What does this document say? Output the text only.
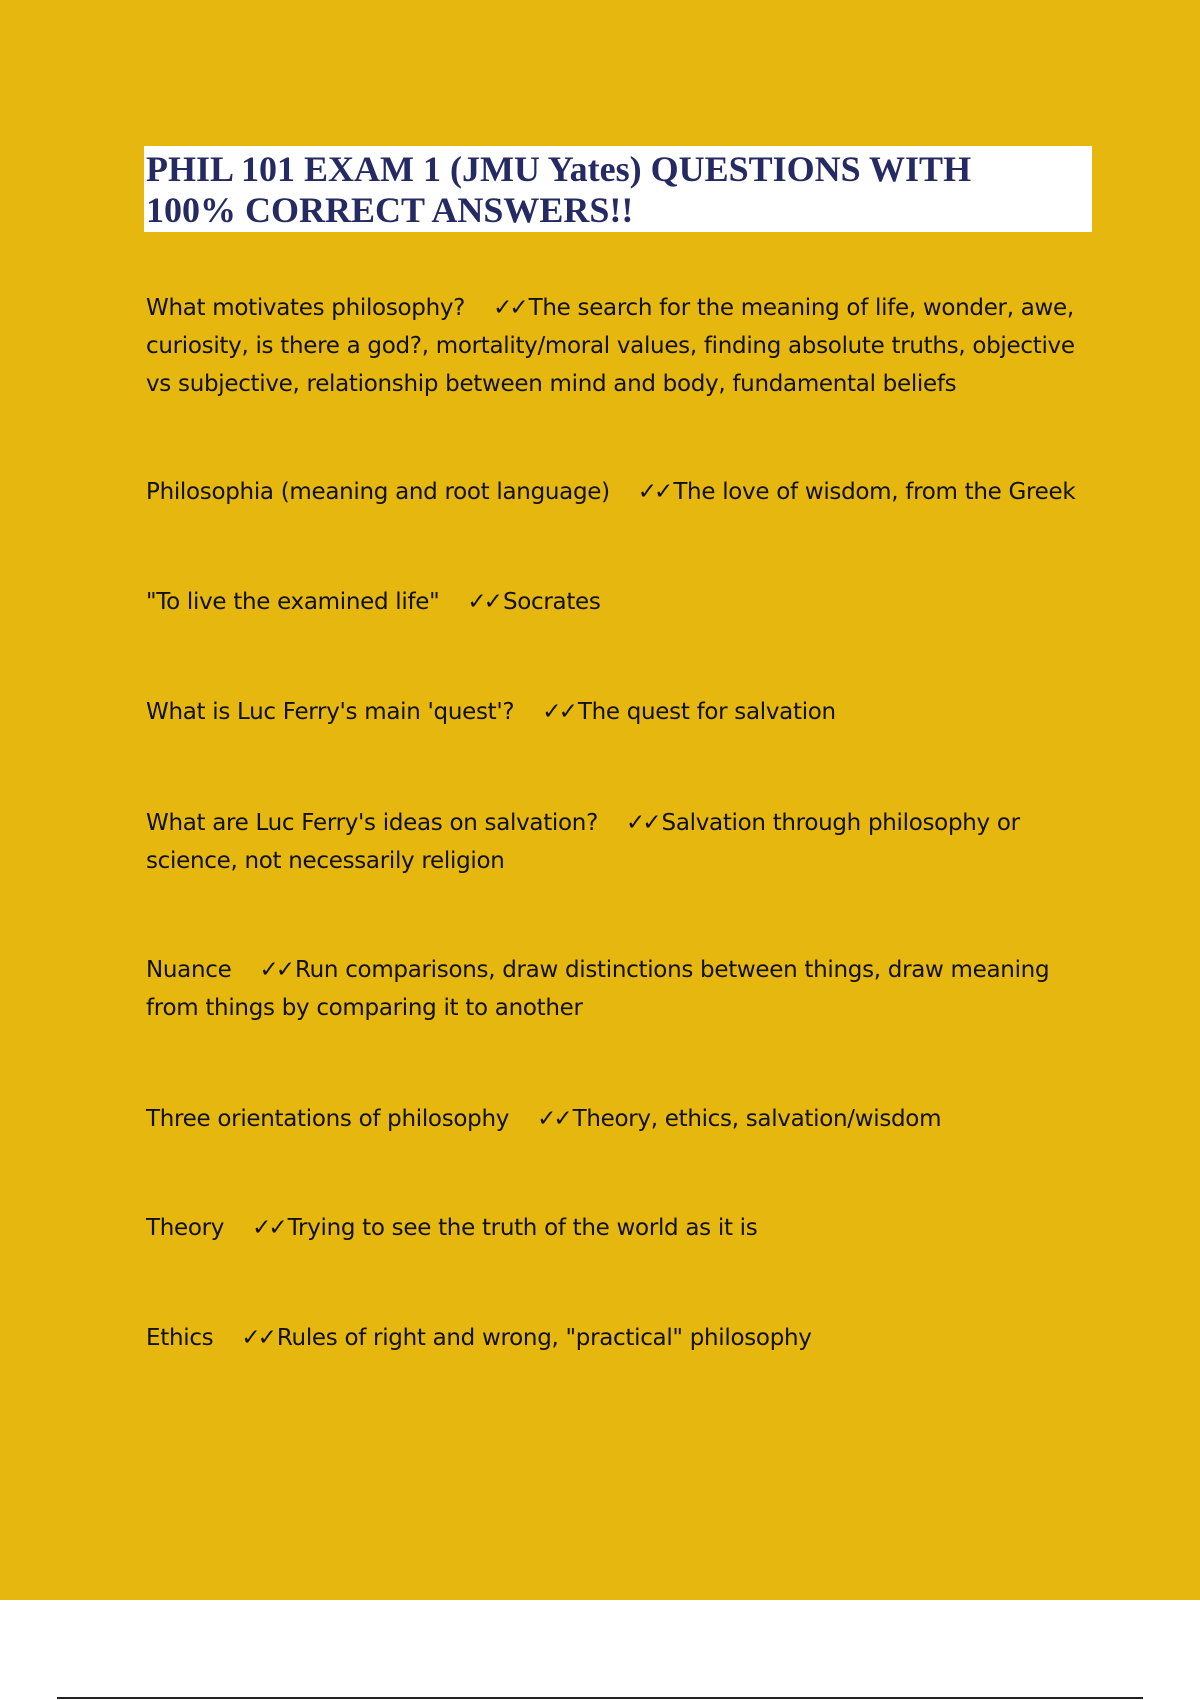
PHIL 101 EXAM 1 (JMU Yates) QUESTIONS WITH
100% CORRECT ANSWERS!!
What motivates philosophy? ✓✓ The search for the meaning of life, wonder, awe, curiosity, is there a god?, mortality/moral values, finding absolute truths, objective vs subjective, relationship between mind and body, fundamental beliefs
Philosophia (meaning and root language) ✓✓ The love of wisdom, from the Greek
"To live the examined life" ✓✓ Socrates
What is Luc Ferry's main 'quest'? ✓✓ The quest for salvation
What are Luc Ferry's ideas on salvation? ✓✓ Salvation through philosophy or science, not necessarily religion
Nuance ✓✓ Run comparisons, draw distinctions between things, draw meaning from things by comparing it to another
Three orientations of philosophy ✓✓ Theory, ethics, salvation/wisdom
Theory ✓✓ Trying to see the truth of the world as it is
Ethics ✓✓ Rules of right and wrong, "practical" philosophy
